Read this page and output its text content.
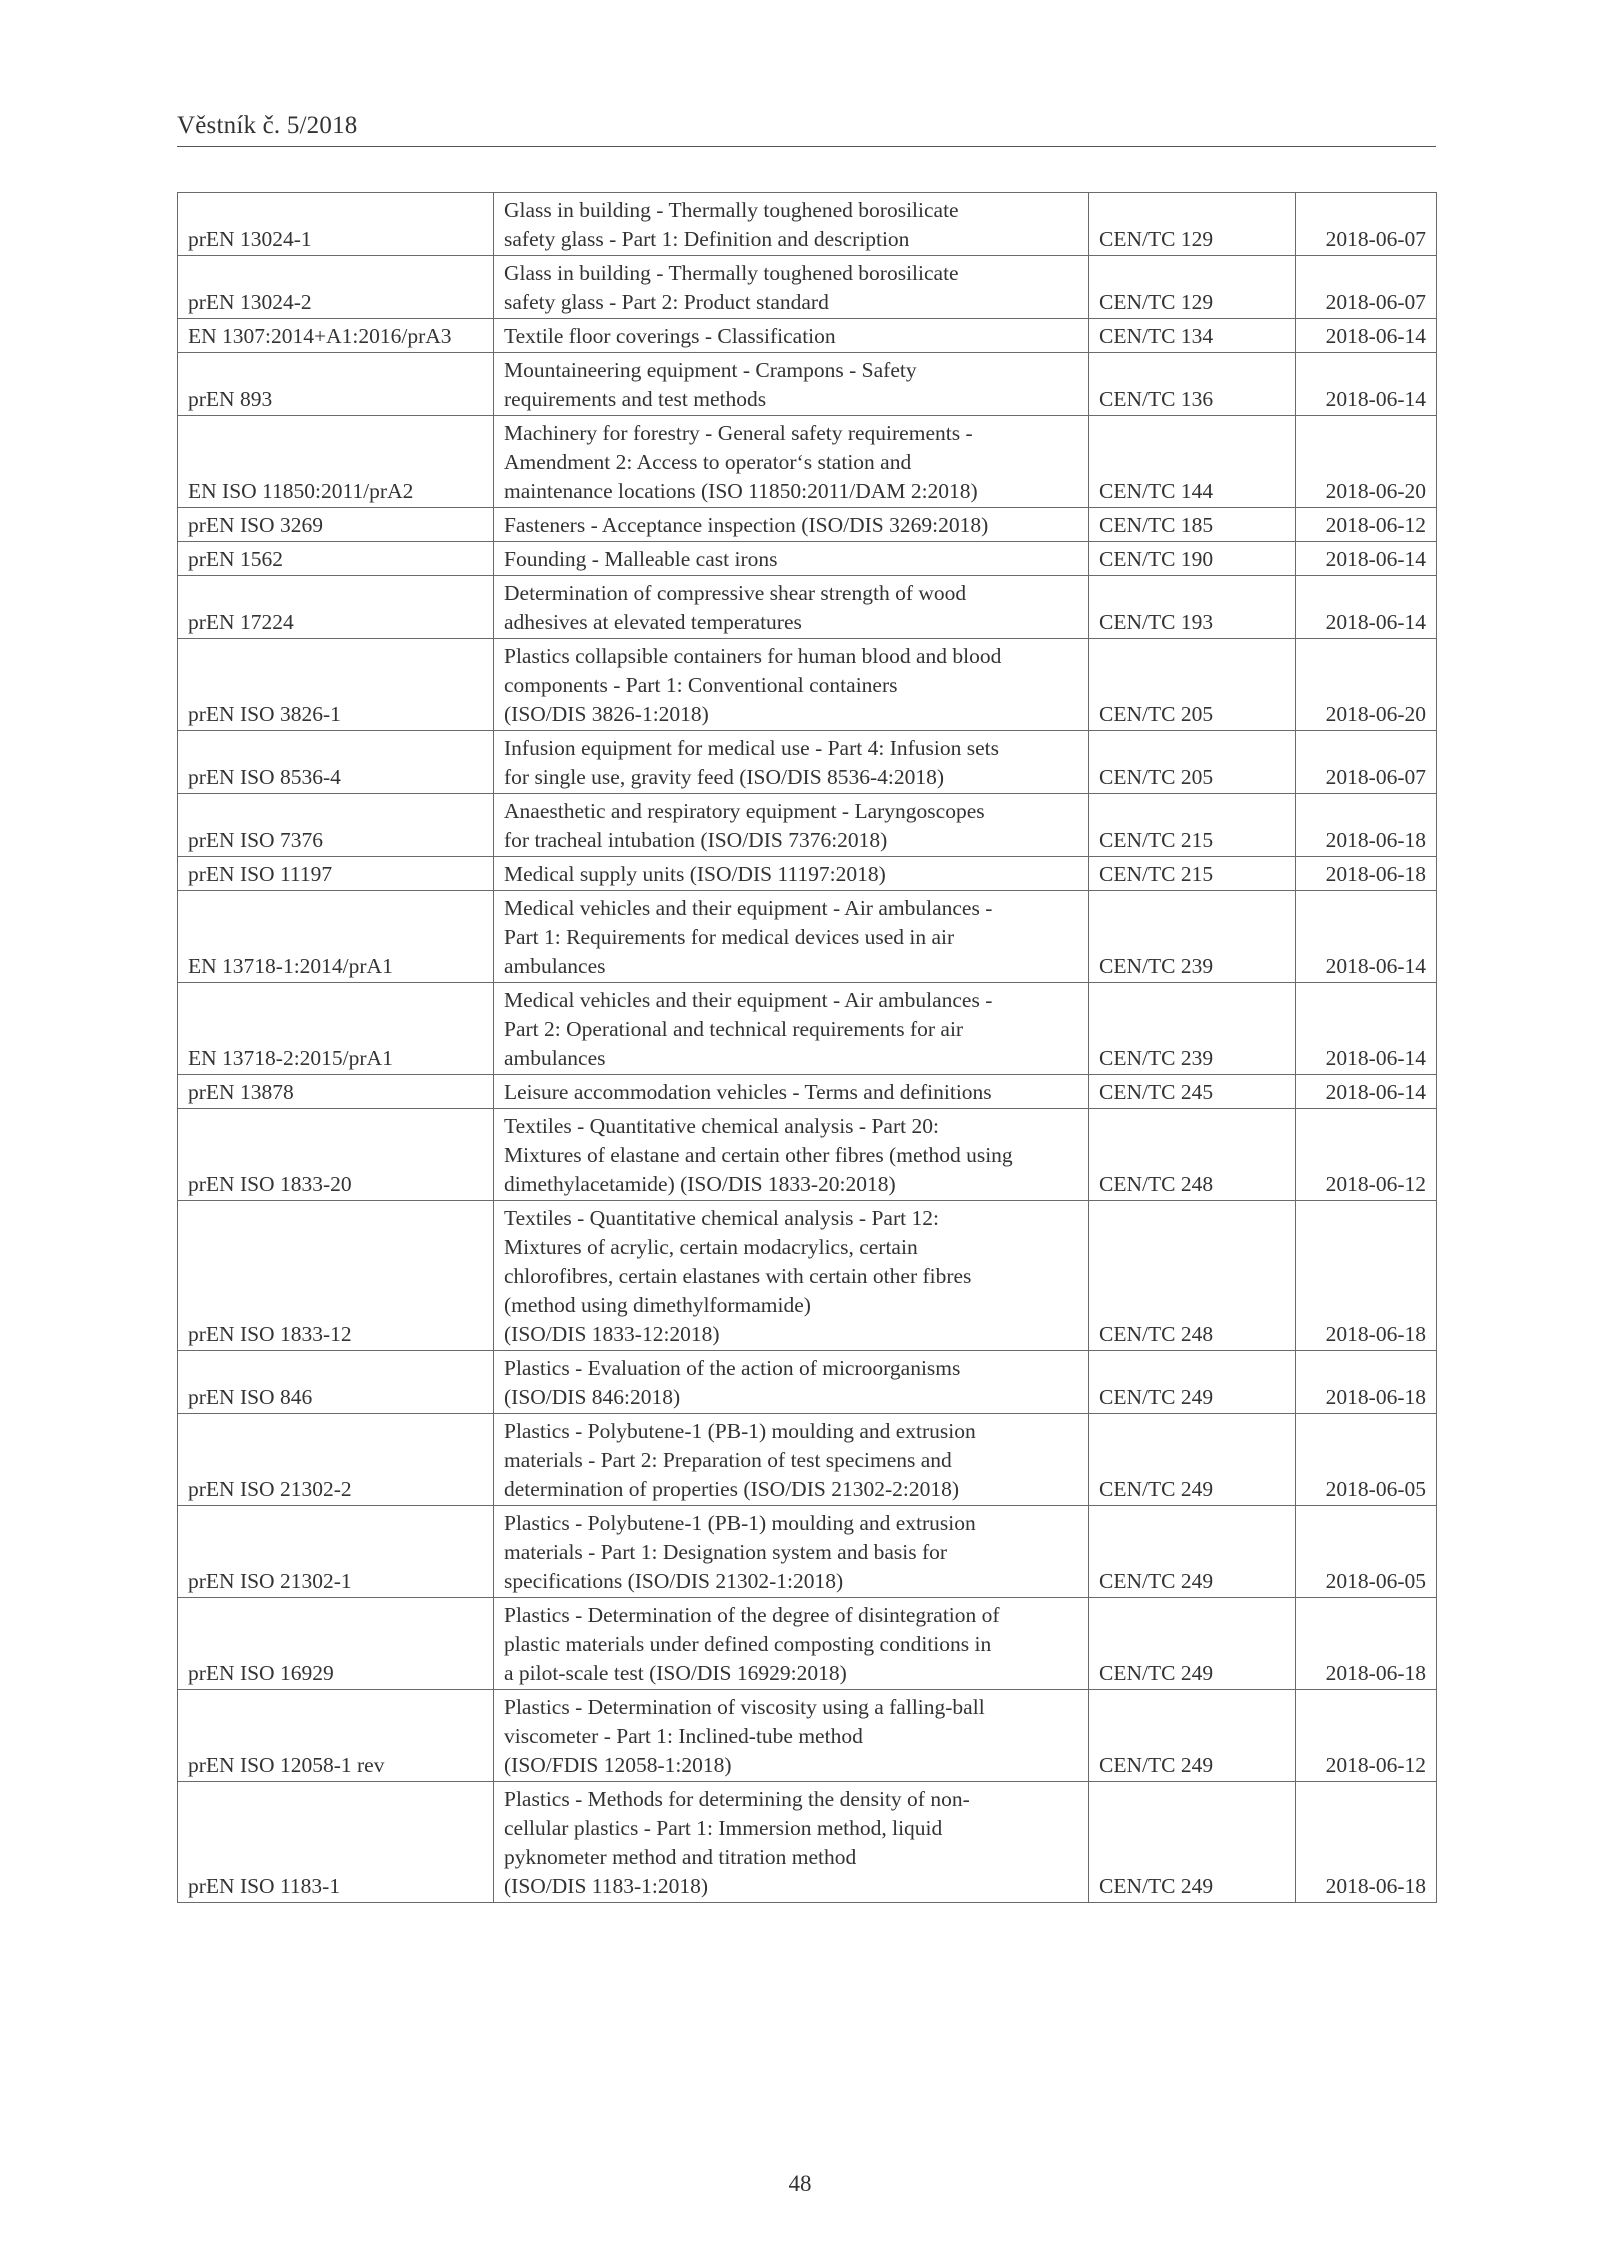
Věstník č. 5/2018
prEN 13024-1	Glass in building - Thermally toughened borosilicate
safety glass - Part 1: Definition and description	CEN/TC 129	2018-06-07
prEN 13024-2	Glass in building - Thermally toughened borosilicate
safety glass - Part 2: Product standard	CEN/TC 129	2018-06-07
EN 1307:2014+A1:2016/prA3	Textile floor coverings - Classification	CEN/TC 134	2018-06-14
prEN 893	Mountaineering equipment - Crampons - Safety
requirements and test methods	CEN/TC 136	2018-06-14
EN ISO 11850:2011/prA2	Machinery for forestry - General safety requirements -
Amendment 2: Access to operator‘s station and
maintenance locations (ISO 11850:2011/DAM 2:2018)	CEN/TC 144	2018-06-20
prEN ISO 3269	Fasteners - Acceptance inspection (ISO/DIS 3269:2018)	CEN/TC 185	2018-06-12
prEN 1562	Founding - Malleable cast irons	CEN/TC 190	2018-06-14
prEN 17224	Determination of compressive shear strength of wood
adhesives at elevated temperatures	CEN/TC 193	2018-06-14
prEN ISO 3826-1	Plastics collapsible containers for human blood and blood
components - Part 1: Conventional containers
(ISO/DIS 3826-1:2018)	CEN/TC 205	2018-06-20
prEN ISO 8536-4	Infusion equipment for medical use - Part 4: Infusion sets
for single use, gravity feed (ISO/DIS 8536-4:2018)	CEN/TC 205	2018-06-07
prEN ISO 7376	Anaesthetic and respiratory equipment - Laryngoscopes
for tracheal intubation (ISO/DIS 7376:2018)	CEN/TC 215	2018-06-18
prEN ISO 11197	Medical supply units (ISO/DIS 11197:2018)	CEN/TC 215	2018-06-18
EN 13718-1:2014/prA1	Medical vehicles and their equipment - Air ambulances -
Part 1: Requirements for medical devices used in air
ambulances	CEN/TC 239	2018-06-14
EN 13718-2:2015/prA1	Medical vehicles and their equipment - Air ambulances -
Part 2: Operational and technical requirements for air
ambulances	CEN/TC 239	2018-06-14
prEN 13878	Leisure accommodation vehicles - Terms and definitions	CEN/TC 245	2018-06-14
prEN ISO 1833-20	Textiles - Quantitative chemical analysis - Part 20:
Mixtures of elastane and certain other fibres (method using
dimethylacetamide) (ISO/DIS 1833-20:2018)	CEN/TC 248	2018-06-12
prEN ISO 1833-12	Textiles - Quantitative chemical analysis - Part 12:
Mixtures of acrylic, certain modacrylics, certain
chlorofibres, certain elastanes with certain other fibres
(method using dimethylformamide)
(ISO/DIS 1833-12:2018)	CEN/TC 248	2018-06-18
prEN ISO 846	Plastics - Evaluation of the action of microorganisms
(ISO/DIS 846:2018)	CEN/TC 249	2018-06-18
prEN ISO 21302-2	Plastics - Polybutene-1 (PB-1) moulding and extrusion
materials - Part 2: Preparation of test specimens and
determination of properties (ISO/DIS 21302-2:2018)	CEN/TC 249	2018-06-05
prEN ISO 21302-1	Plastics - Polybutene-1 (PB-1) moulding and extrusion
materials - Part 1: Designation system and basis for
specifications (ISO/DIS 21302-1:2018)	CEN/TC 249	2018-06-05
prEN ISO 16929	Plastics - Determination of the degree of disintegration of
plastic materials under defined composting conditions in
a pilot-scale test (ISO/DIS 16929:2018)	CEN/TC 249	2018-06-18
prEN ISO 12058-1 rev	Plastics - Determination of viscosity using a falling-ball
viscometer - Part 1: Inclined-tube method
(ISO/FDIS 12058-1:2018)	CEN/TC 249	2018-06-12
prEN ISO 1183-1	Plastics - Methods for determining the density of non-
cellular plastics - Part 1: Immersion method, liquid
pyknometer method and titration method
(ISO/DIS 1183-1:2018)	CEN/TC 249	2018-06-18
48
